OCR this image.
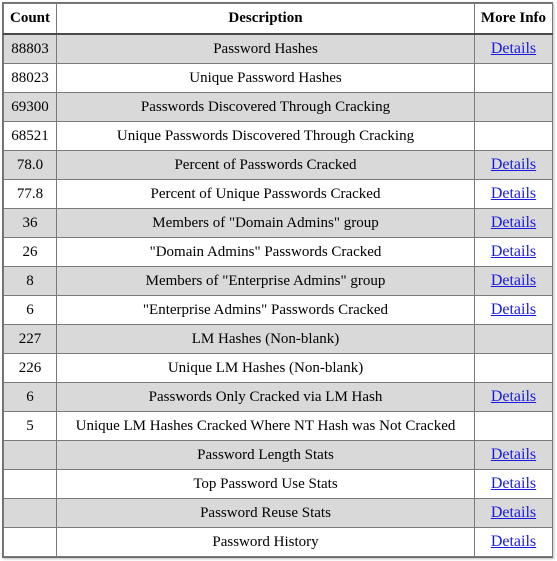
Count	Description	More Info
88803	Password Hashes	Details
88023	Unique Password Hashes	
69300	Passwords Discovered Through Cracking	
68521	Unique Passwords Discovered Through Cracking	
78.0	Percent of Passwords Cracked	Details
77.8	Percent of Unique Passwords Cracked	Details
36	Members of "Domain Admins" group	Details
26	"Domain Admins" Passwords Cracked	Details
8	Members of "Enterprise Admins" group	Details
6	"Enterprise Admins" Passwords Cracked	Details
227	LM Hashes (Non-blank)	
226	Unique LM Hashes (Non-blank)	
6	Passwords Only Cracked via LM Hash	Details
5	Unique LM Hashes Cracked Where NT Hash was Not Cracked	
	Password Length Stats	Details
	Top Password Use Stats	Details
	Password Reuse Stats	Details
	Password History	Details
